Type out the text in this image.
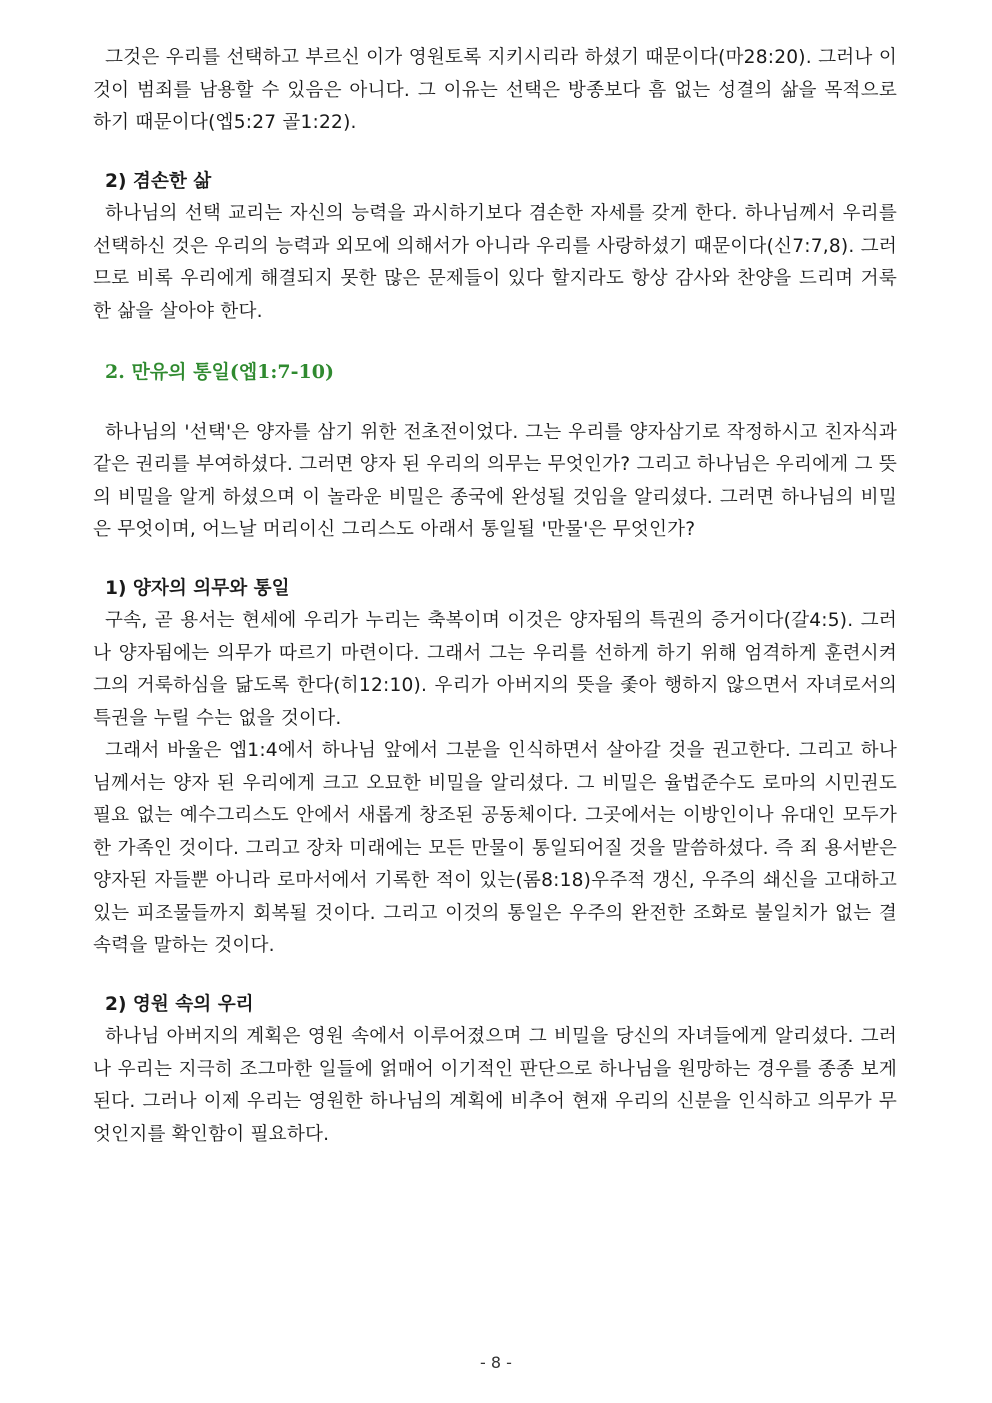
그것은 우리를 선택하고 부르신 이가 영원토록 지키시리라 하셨기 때문이다(마28:20). 그러나 이것이 범죄를 남용할 수 있음은 아니다. 그 이유는 선택은 방종보다 흠 없는 성결의 삶을 목적으로 하기 때문이다(엡5:27 골1:22).

2) 겸손한 삶

하나님의 선택 교리는 자신의 능력을 과시하기보다 겸손한 자세를 갖게 한다. 하나님께서 우리를 선택하신 것은 우리의 능력과 외모에 의해서가 아니라 우리를 사랑하셨기 때문이다(신7:7,8). 그러므로 비록 우리에게 해결되지 못한 많은 문제들이 있다 할지라도 항상 감사와 찬양을 드리며 거룩한 삶을 살아야 한다.

2. 만유의 통일(엡1:7-10)

하나님의 '선택'은 양자를 삼기 위한 전초전이었다. 그는 우리를 양자삼기로 작정하시고 친자식과 같은 권리를 부여하셨다. 그러면 양자 된 우리의 의무는 무엇인가? 그리고 하나님은 우리에게 그 뜻의 비밀을 알게 하셨으며 이 놀라운 비밀은 종국에 완성될 것임을 알리셨다. 그러면 하나님의 비밀은 무엇이며, 어느날 머리이신 그리스도 아래서 통일될 '만물'은 무엇인가?

1) 양자의 의무와 통일

구속, 곧 용서는 현세에 우리가 누리는 축복이며 이것은 양자됨의 특권의 증거이다(갈4:5). 그러나 양자됨에는 의무가 따르기 마련이다. 그래서 그는 우리를 선하게 하기 위해 엄격하게 훈련시켜 그의 거룩하심을 닮도록 한다(히12:10). 우리가 아버지의 뜻을 좇아 행하지 않으면서 자녀로서의 특권을 누릴 수는 없을 것이다.

그래서 바울은 엡1:4에서 하나님 앞에서 그분을 인식하면서 살아갈 것을 권고한다. 그리고 하나님께서는 양자 된 우리에게 크고 오묘한 비밀을 알리셨다. 그 비밀은 율법준수도 로마의 시민권도 필요 없는 예수그리스도 안에서 새롭게 창조된 공동체이다. 그곳에서는 이방인이나 유대인 모두가 한 가족인 것이다. 그리고 장차 미래에는 모든 만물이 통일되어질 것을 말씀하셨다. 즉 죄 용서받은 양자된 자들뿐 아니라 로마서에서 기록한 적이 있는(롬8:18)우주적 갱신, 우주의 쇄신을 고대하고 있는 피조물들까지 회복될 것이다. 그리고 이것의 통일은 우주의 완전한 조화로 불일치가 없는 결속력을 말하는 것이다.

2) 영원 속의 우리

하나님 아버지의 계획은 영원 속에서 이루어졌으며 그 비밀을 당신의 자녀들에게 알리셨다. 그러나 우리는 지극히 조그마한 일들에 얽매어 이기적인 판단으로 하나님을 원망하는 경우를 종종 보게 된다. 그러나 이제 우리는 영원한 하나님의 계획에 비추어 현재 우리의 신분을 인식하고 의무가 무엇인지를 확인함이 필요하다.

- 8 -
